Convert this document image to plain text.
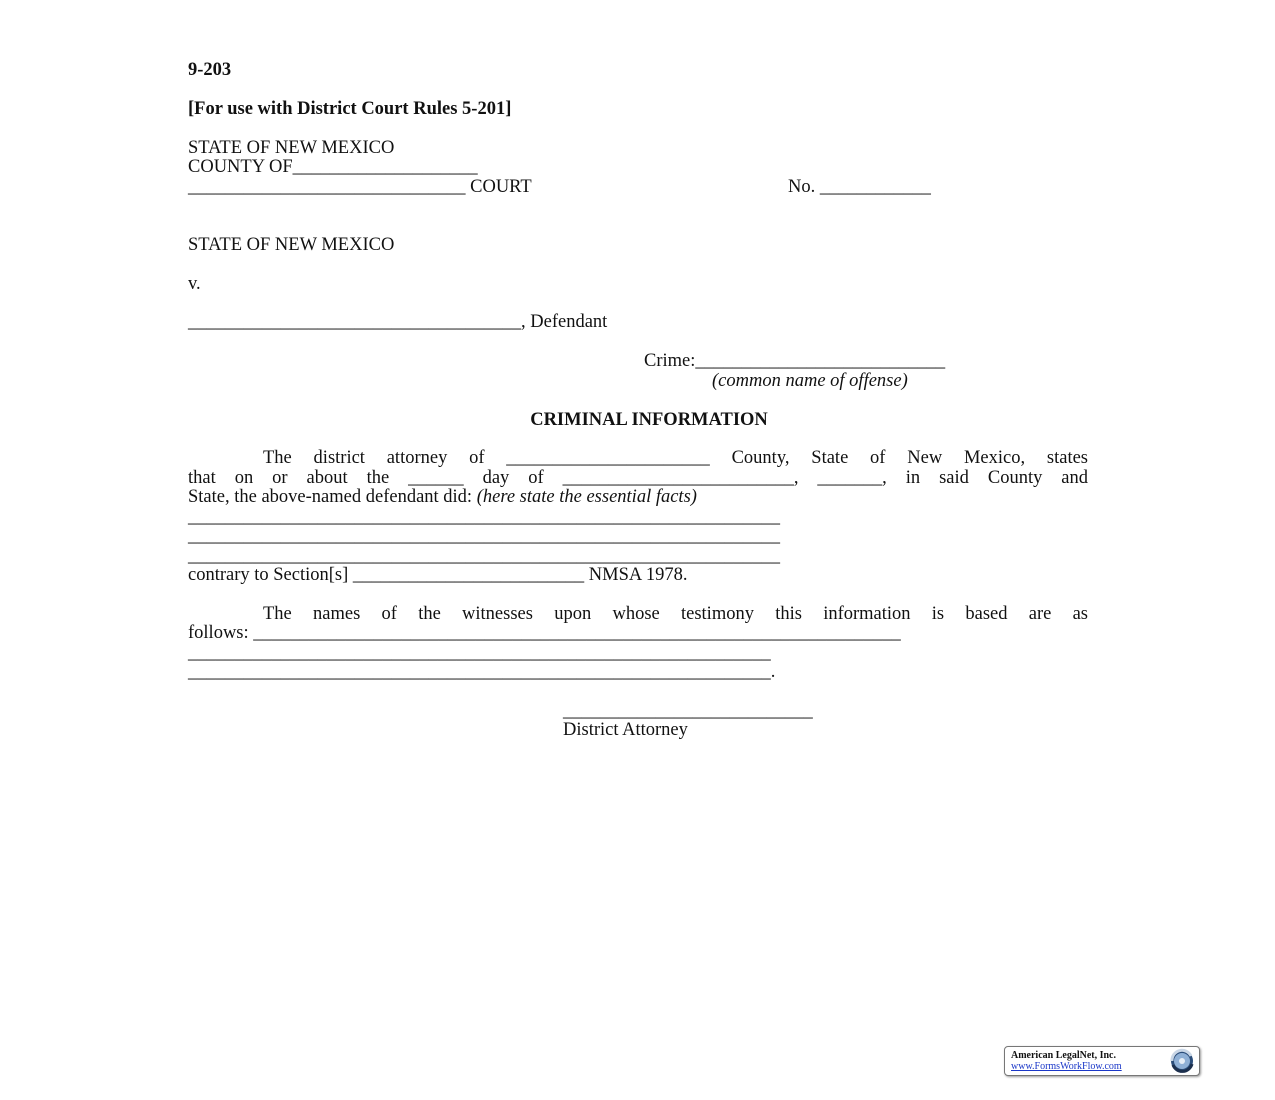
9-203
[For use with District Court Rules 5-201]
STATE OF NEW MEXICO
COUNTY OF____________________
______________________________ COURT	No. ____________
STATE OF NEW MEXICO
v.
____________________________________, Defendant
Crime:___________________________
(common name of offense)
CRIMINAL INFORMATION
The district attorney of ______________________ County, State of New Mexico, states
that on or about the ______ day of _________________________, _______, in said County and
State, the above-named defendant did: (here state the essential facts)
________________________________________________________________
________________________________________________________________
________________________________________________________________
contrary to Section[s] _________________________ NMSA 1978.
The names of the witnesses upon whose testimony this information is based are as
follows: ______________________________________________________________________
_______________________________________________________________
_______________________________________________________________.
___________________________
District Attorney
American LegalNet, Inc.
www.FormsWorkFlow.com
